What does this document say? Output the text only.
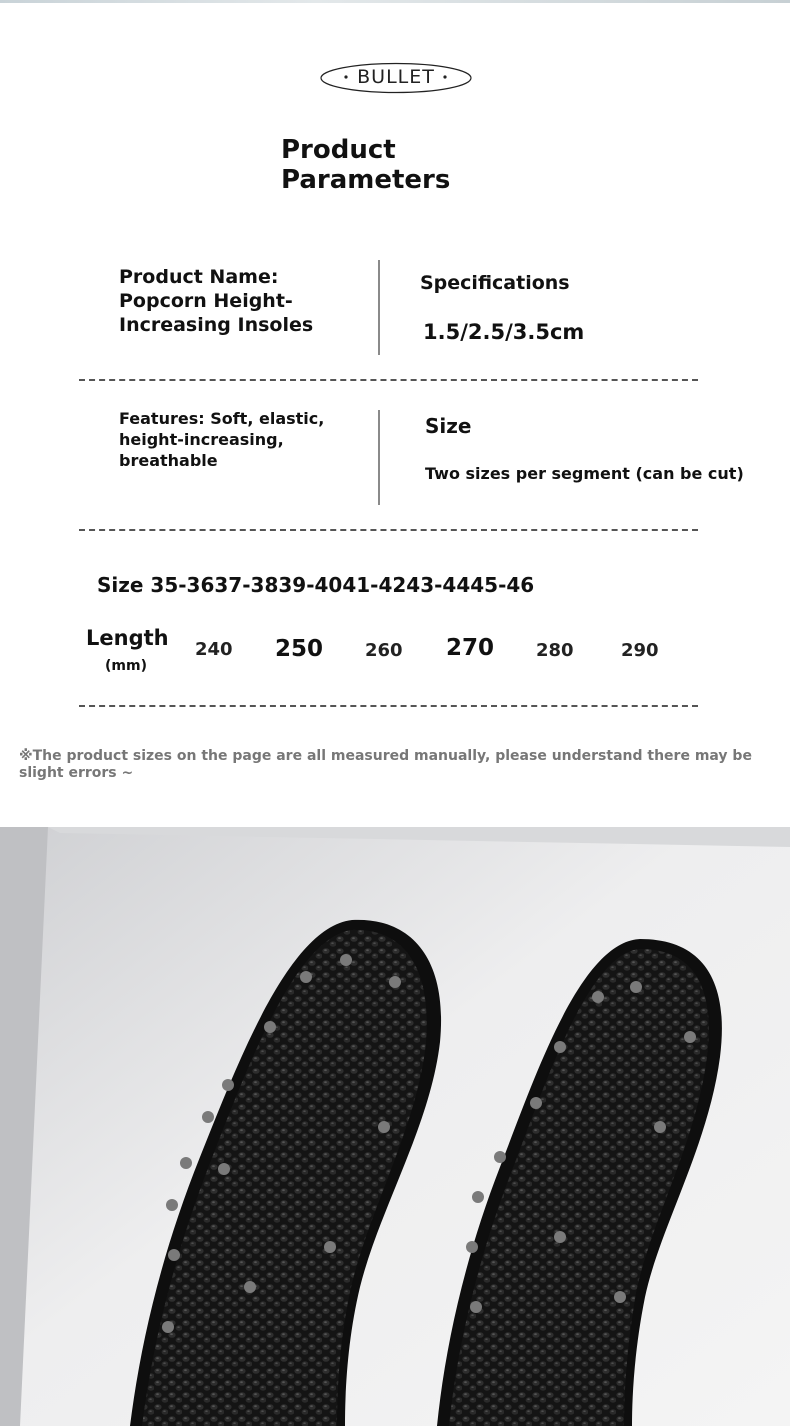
BULLET
Product Parameters
Product Name: Popcorn Height-Increasing Insoles
Specifications
1.5/2.5/3.5cm
Features: Soft, elastic, height-increasing, breathable
Size
Two sizes per segment (can be cut)
Size 35-3637-3839-4041-4243-4445-46
Length
(mm)
240 250 260 270 280	290
※The product sizes on the page are all measured manually, please understand there may be slight errors ~
